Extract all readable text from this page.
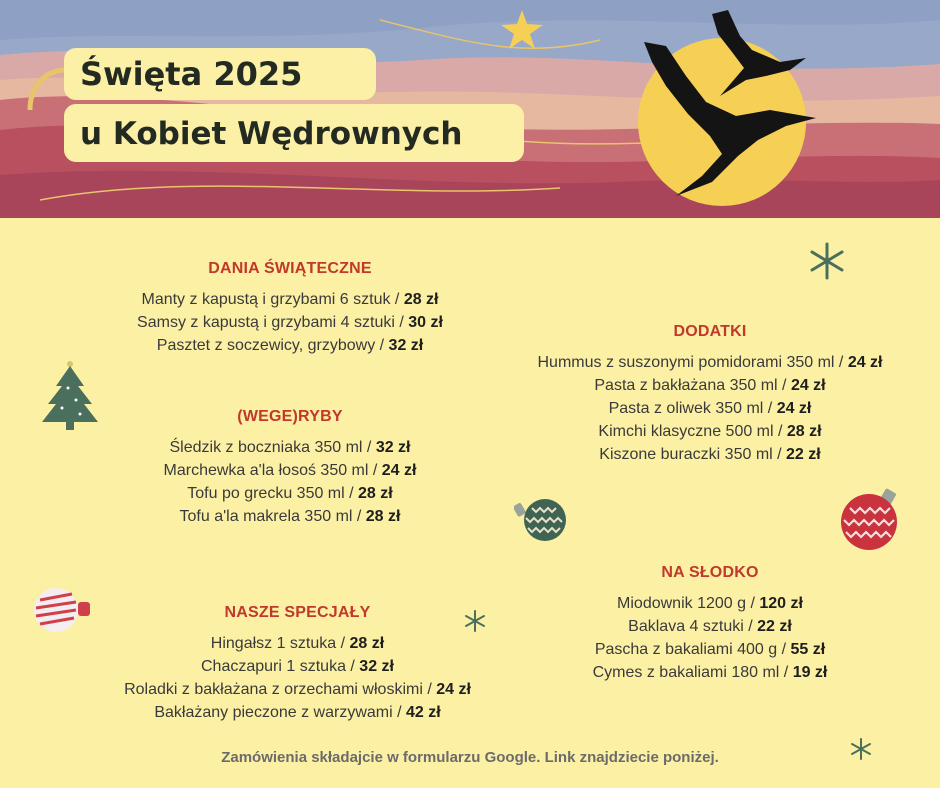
Święta 2025
u Kobiet Wędrownych
DANIA ŚWIĄTECZNE
Manty z kapustą i grzybami 6 sztuk / 28 zł
Samsy z kapustą i grzybami 4 sztuki / 30 zł
Pasztet z soczewicy, grzybowy / 32 zł
(WEGE)RYBY
Śledzik z boczniaka 350 ml / 32 zł
Marchewka a'la łosoś 350 ml / 24 zł
Tofu po grecku 350 ml / 28 zł
Tofu a'la makrela 350 ml / 28 zł
NASZE SPECJAŁY
Hingałsz 1 sztuka / 28 zł
Chaczapuri 1 sztuka / 32 zł
Roladki z bakłażana z orzechami włoskimi / 24 zł
Bakłażany pieczone z warzywami / 42 zł
DODATKI
Hummus z suszonymi pomidorami 350 ml / 24 zł
Pasta z bakłażana 350 ml / 24 zł
Pasta z oliwek 350 ml / 24 zł
Kimchi klasyczne 500 ml / 28 zł
Kiszone buraczki 350 ml / 22 zł
NA SŁODKO
Miodownik 1200 g / 120 zł
Baklava 4 sztuki / 22 zł
Pascha z bakaliami 400 g / 55 zł
Cymes z bakaliami 180 ml / 19 zł
Zamówienia składajcie w formularzu Google. Link znajdziecie poniżej.
